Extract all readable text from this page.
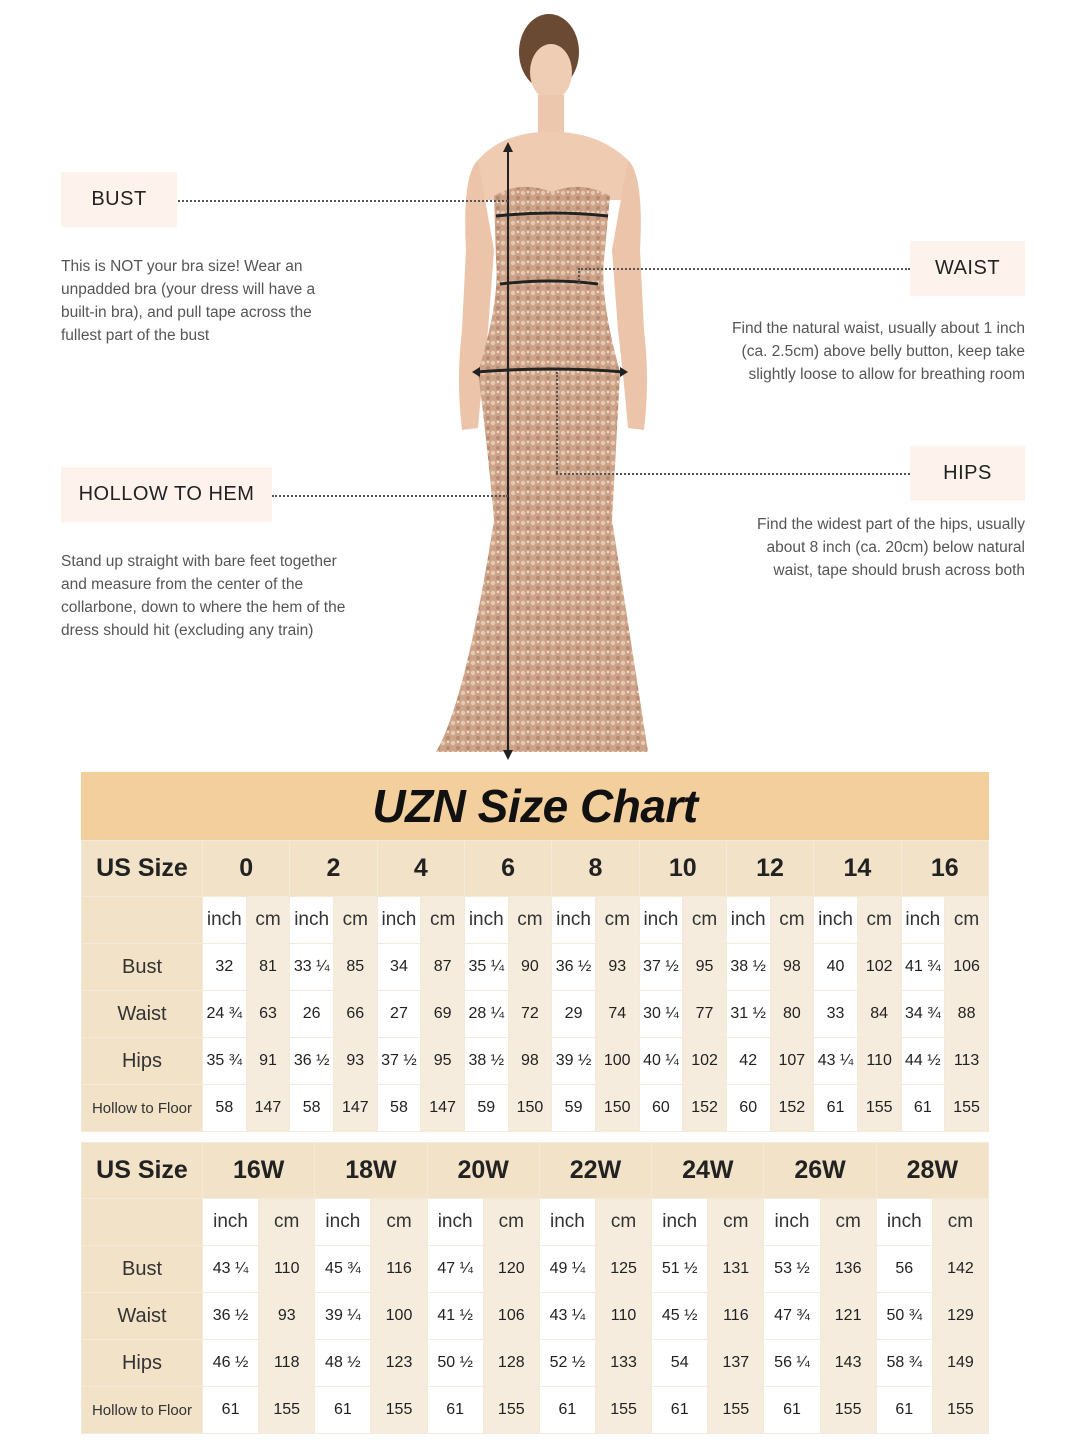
BUST
This is NOT your bra size! Wear an
unpadded bra (your dress will have a
built-in bra), and pull tape across the
fullest part of the bust
WAIST
Find the natural waist, usually about 1 inch
(ca. 2.5cm) above belly button, keep take
slightly loose to allow for breathing room
HOLLOW TO HEM
Stand up straight with bare feet together
and measure from the center of the
collarbone, down to where the hem of the
dress should hit (excluding any train)
HIPS
Find the widest part of the hips, usually
about 8 inch (ca. 20cm) below natural
waist, tape should brush across both
UZN Size Chart
US Size	0		2		4		6		8		10		12		14		16	
	inch	cm	inch	cm	inch	cm	inch	cm	inch	cm	inch	cm	inch	cm	inch	cm	inch	cm
Bust	32	81	33 ¼	85	34	87	35 ¼	90	36 ½	93	37 ½	95	38 ½	98	40	102	41 ¾	106
Waist	24 ¾	63	26	66	27	69	28 ¼	72	29	74	30 ¼	77	31 ½	80	33	84	34 ¾	88
Hips	35 ¾	91	36 ½	93	37 ½	95	38 ½	98	39 ½	100	40 ¼	102	42	107	43 ¼	110	44 ½	113
Hollow to Floor	58	147	58	147	58	147	59	150	59	150	60	152	60	152	61	155	61	155
US Size	16W		18W		20W		22W		24W		26W		28W	
	inch	cm	inch	cm	inch	cm	inch	cm	inch	cm	inch	cm	inch	cm
Bust	43 ¼	110	45 ¾	116	47 ¼	120	49 ¼	125	51 ½	131	53 ½	136	56	142
Waist	36 ½	93	39 ¼	100	41 ½	106	43 ¼	110	45 ½	116	47 ¾	121	50 ¾	129
Hips	46 ½	118	48 ½	123	50 ½	128	52 ½	133	54	137	56 ¼	143	58 ¾	149
Hollow to Floor	61	155	61	155	61	155	61	155	61	155	61	155	61	155
